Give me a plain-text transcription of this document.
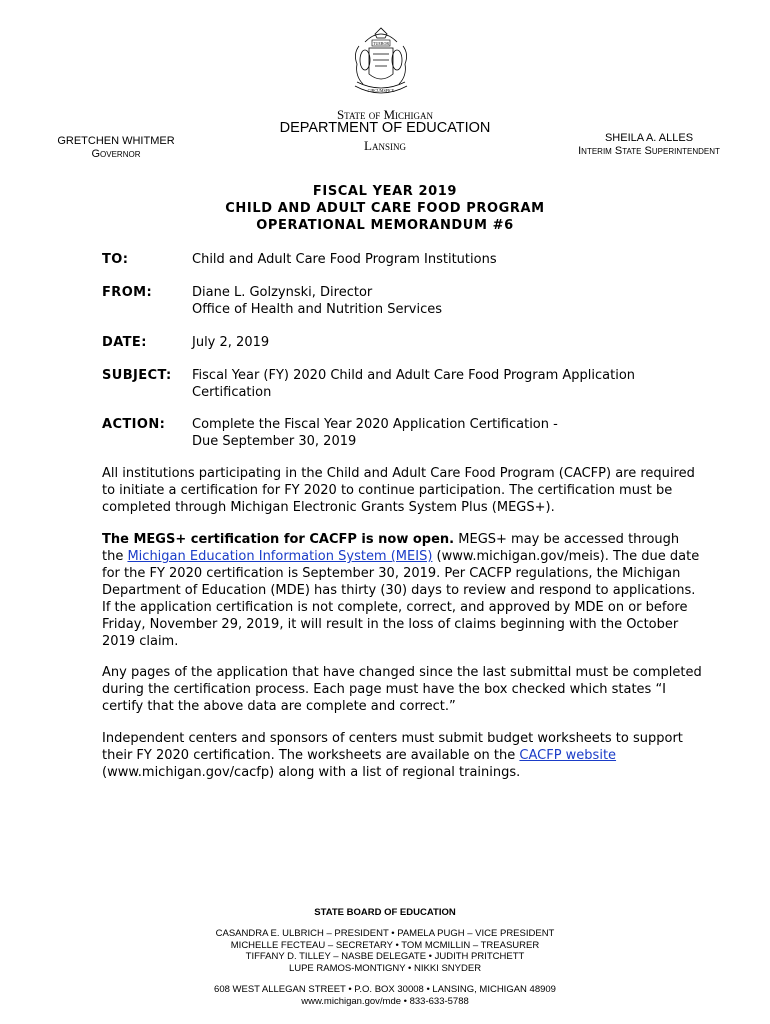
TUEBOR
CIRCUMSPICE
State of Michigan
DEPARTMENT OF EDUCATION
Lansing
GRETCHEN WHITMER
Governor
SHEILA A. ALLES
Interim State Superintendent
FISCAL YEAR 2019
CHILD AND ADULT CARE FOOD PROGRAM
OPERATIONAL MEMORANDUM #6
TO:	Child and Adult Care Food Program Institutions
FROM:	Diane L. Golzynski, Director
Office of Health and Nutrition Services
DATE:	July 2, 2019
SUBJECT: Fiscal Year (FY) 2020 Child and Adult Care Food Program Application
Certification
ACTION: Complete the Fiscal Year 2020 Application Certification -
Due September 30, 2019
All institutions participating in the Child and Adult Care Food Program (CACFP) are required to initiate a certification for FY 2020 to continue participation. The certification must be completed through Michigan Electronic Grants System Plus (MEGS+).
The MEGS+ certification for CACFP is now open. MEGS+ may be accessed through the Michigan Education Information System (MEIS) (www.michigan.gov/meis). The due date for the FY 2020 certification is September 30, 2019. Per CACFP regulations, the Michigan Department of Education (MDE) has thirty (30) days to review and respond to applications. If the application certification is not complete, correct, and approved by MDE on or before Friday, November 29, 2019, it will result in the loss of claims beginning with the October 2019 claim.
Any pages of the application that have changed since the last submittal must be completed during the certification process. Each page must have the box checked which states “I certify that the above data are complete and correct.”
Independent centers and sponsors of centers must submit budget worksheets to support their FY 2020 certification. The worksheets are available on the CACFP website (www.michigan.gov/cacfp) along with a list of regional trainings.
STATE BOARD OF EDUCATION
CASANDRA E. ULBRICH – PRESIDENT • PAMELA PUGH – VICE PRESIDENT
MICHELLE FECTEAU – SECRETARY • TOM MCMILLIN – TREASURER
TIFFANY D. TILLEY – NASBE DELEGATE • JUDITH PRITCHETT
LUPE RAMOS-MONTIGNY • NIKKI SNYDER
608 WEST ALLEGAN STREET • P.O. BOX 30008 • LANSING, MICHIGAN 48909
www.michigan.gov/mde • 833-633-5788
